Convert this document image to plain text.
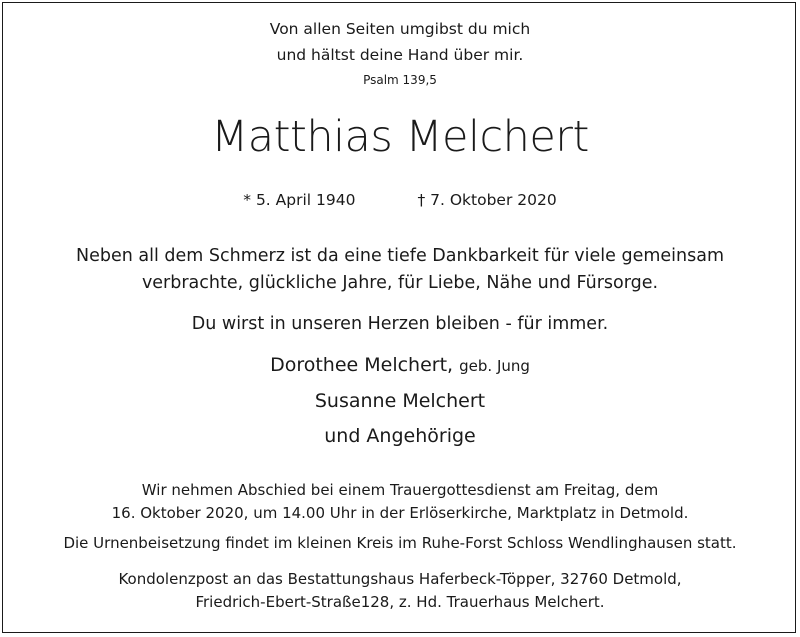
Von allen Seiten umgibst du mich
und hältst deine Hand über mir.
Psalm 139,5
Matthias Melchert
* 5. April 1940	† 7. Oktober 2020
Neben all dem Schmerz ist da eine tiefe Dankbarkeit für viele gemeinsam
verbrachte, glückliche Jahre, für Liebe, Nähe und Fürsorge.
Du wirst in unseren Herzen bleiben - für immer.
Dorothee Melchert, geb. Jung
Susanne Melchert
und Angehörige
Wir nehmen Abschied bei einem Trauergottesdienst am Freitag, dem
16. Oktober 2020, um 14.00 Uhr in der Erlöserkirche, Marktplatz in Detmold.
Die Urnenbeisetzung findet im kleinen Kreis im Ruhe-Forst Schloss Wendlinghausen statt.
Kondolenzpost an das Bestattungshaus Haferbeck-Töpper, 32760 Detmold,
Friedrich-Ebert-Straße128, z. Hd. Trauerhaus Melchert.
